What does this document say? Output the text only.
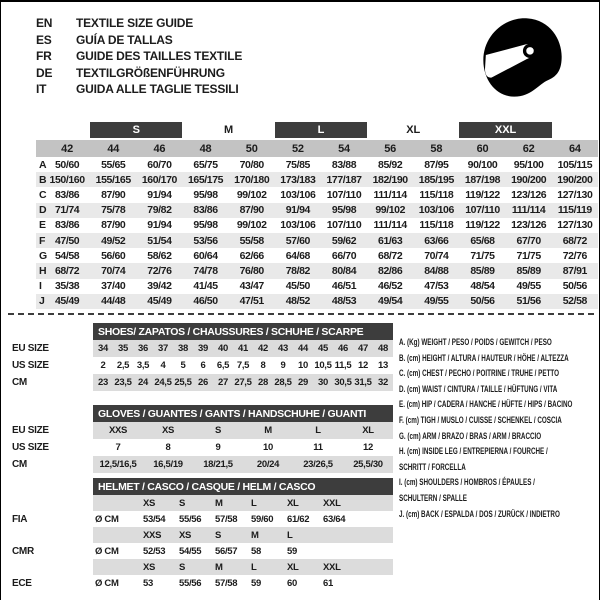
EN	TEXTILE SIZE GUIDE
ES	GUÍA DE TALLAS
FR	GUIDE DES TAILLES TEXTILE
DE	TEXTILGRÖßENFÜHRUNG
IT	GUIDA ALLE TAGLIE TESSILI
		S		M		L		XL		XXL		
	42	44	46	48	50	52	54	56	58	60	62	64
A	50/60	55/65	60/70	65/75	70/80	75/85	83/88	85/92	87/95	90/100	95/100	105/115
B	150/160	155/165	160/170	165/175	170/180	173/183	177/187	182/190	185/195	187/198	190/200	190/200
C	83/86	87/90	91/94	95/98	99/102	103/106	107/110	111/114	115/118	119/122	123/126	127/130
D	71/74	75/78	79/82	83/86	87/90	91/94	95/98	99/102	103/106	107/110	111/114	115/119
E	83/86	87/90	91/94	95/98	99/102	103/106	107/110	111/114	115/118	119/122	123/126	127/130
F	47/50	49/52	51/54	53/56	55/58	57/60	59/62	61/63	63/66	65/68	67/70	68/72
G	54/58	56/60	58/62	60/64	62/66	64/68	66/70	68/72	70/74	71/75	71/75	72/76
H	68/72	70/74	72/76	74/78	76/80	78/82	80/84	82/86	84/88	85/89	85/89	87/91
I	35/38	37/40	39/42	41/45	43/47	45/50	46/51	46/52	47/53	48/54	49/55	50/56
J	45/49	44/48	45/49	46/50	47/51	48/52	48/53	49/54	49/55	50/56	51/56	52/58
	SHOES/ ZAPATOS / CHAUSSURES / SCHUHE / SCARPE														
EU SIZE	34	35	36	37	38	39	40	41	42	43	44	45	46	47	48
US SIZE	2	2,5	3,5	4	5	6	6,5	7,5	8	9	10	10,5	11,5	12	13
CM	23	23,5	24	24,5	25,5	26	27	27,5	28	28,5	29	30	30,5	31,5	32
	GLOVES / GUANTES / GANTS / HANDSCHUHE / GUANTI					
EU SIZE	XXS	XS	S	M	L	XL
US SIZE	7	8	9	10	11	12
CM	12,5/16,5	16,5/19	18/21,5	20/24	23/26,5	25,5/30
	HELMET / CASCO / CASQUE / HELM / CASCO							
		XS	S	M	L	XL	XXL	
FIA	Ø CM	53/54	55/56	57/58	59/60	61/62	63/64	
		XXS	XS	S	M	L		
CMR	Ø CM	52/53	54/55	56/57	58	59		
		XS	S	M	L	XL	XXL	
ECE	Ø CM	53	55/56	57/58	59	60	61	
A. (Kg) WEIGHT / PESO / POIDS / GEWITCH / PESO
B. (cm) HEIGHT / ALTURA / HAUTEUR / HÖHE / ALTEZZA
C. (cm) CHEST / PECHO / POITRINE / TRUHE / PETTO
D. (cm) WAIST / CINTURA / TAILLE / HÜFTUNG / VITA
E. (cm) HIP / CADERA / HANCHE / HÜFTE / HIPS / BACINO
F. (cm) TIGH / MUSLO / CUISSE / SCHENKEL / COSCIA
G. (cm) ARM / BRAZO / BRAS / ARM / BRACCIO
H. (cm) INSIDE LEG / ENTREPIERNA / FOURCHE /
SCHRITT / FORCELLA
I. (cm) SHOULDERS / HOMBROS / ÉPAULES /
SCHULTERN / SPALLE
J. (cm) BACK / ESPALDA / DOS / ZURÜCK / INDIETRO
